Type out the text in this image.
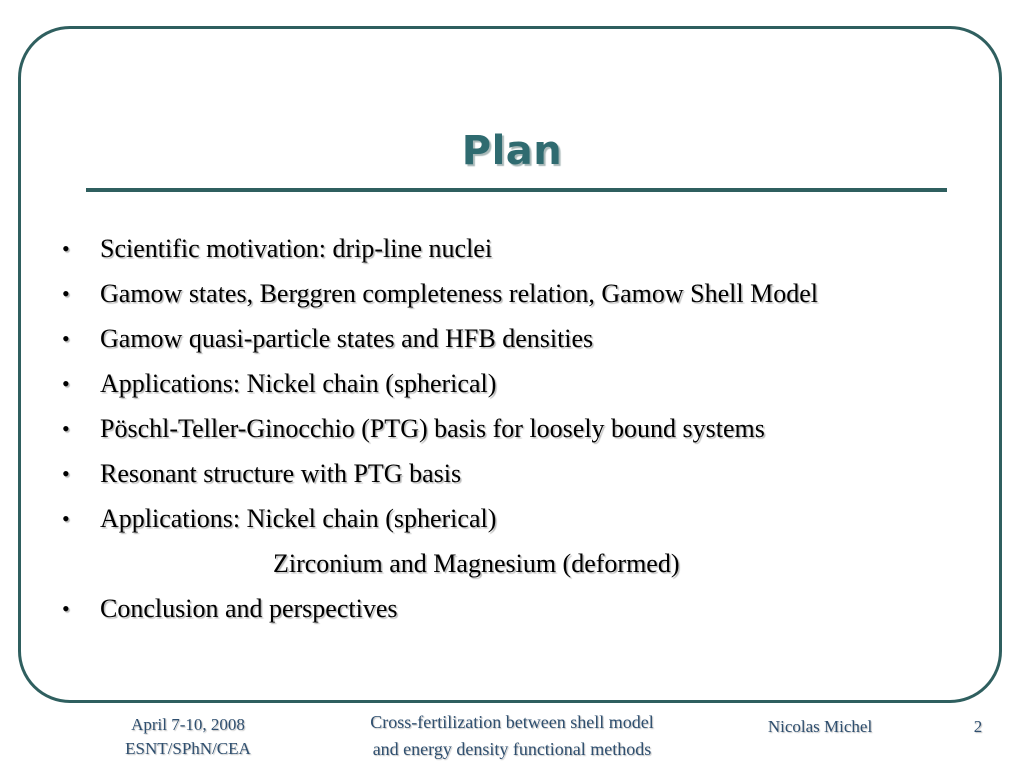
Plan
•	Scientific motivation: drip-line nuclei
•	Gamow states, Berggren completeness relation, Gamow Shell Model
•	Gamow quasi-particle states and HFB densities
•	Applications: Nickel chain (spherical)
•	Pöschl-Teller-Ginocchio (PTG) basis for loosely bound systems
•	Resonant structure with PTG basis
•	Applications: Nickel chain (spherical)
Zirconium and Magnesium (deformed)
•	Conclusion and perspectives
April 7-10, 2008
ESNT/SPhN/CEA
Cross-fertilization between shell model
and energy density functional methods
Nicolas Michel	2
